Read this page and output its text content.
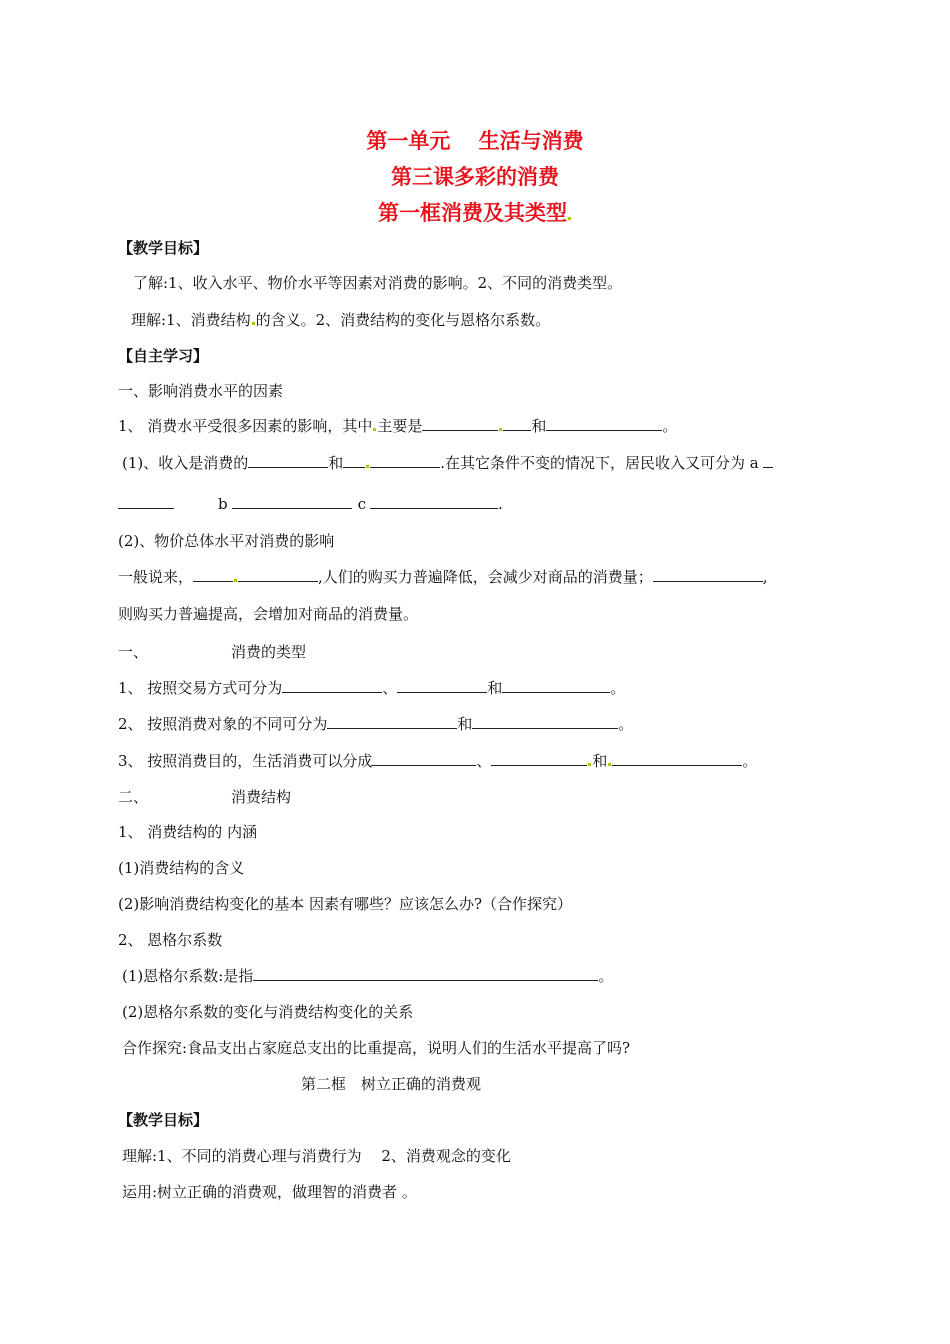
第一单元　 生活与消费
第三课多彩的消费
第一框消费及其类型
【教学目标】
了解:1、收入水平、物价水平等因素对消费的影响。2、不同的消费类型。
理解:1、消费结构 的含义。2、消费结构的变化与恩格尔系数。
【自主学习】
一、影响消费水平的因素
1、 消费水平受很多因素的影响，其中 主要是	和	。
(1)、收入是消费的	和	.在其它条件不变的情况下，居民收入又可分为 a
b	c	.
(2)、物价总体水平对消费的影响
一般说来，	,人们的购买力普遍降低，会减少对商品的消费量；	,
则购买力普遍提高，会增加对商品的消费量。
一、	消费的类型
1、 按照交易方式可分为	、	和	。
2、 按照消费对象的不同可分为	和	。
3、 按照消费目的，生活消费可以分成	、	和	。
二、	消费结构
1、 消费结构的 内涵
(1)消费结构的含义
(2)影响消费结构变化的基本 因素有哪些？应该怎么办?（合作探究）
2、 恩格尔系数
(1)恩格尔系数:是指	。
(2)恩格尔系数的变化与消费结构变化的关系
合作探究:食品支出占家庭总支出的比重提高，说明人们的生活水平提高了吗?
第二框　树立正确的消费观
【教学目标】
理解:1、不同的消费心理与消费行为　 2、消费观念的变化
运用:树立正确的消费观，做理智的消费者 。
